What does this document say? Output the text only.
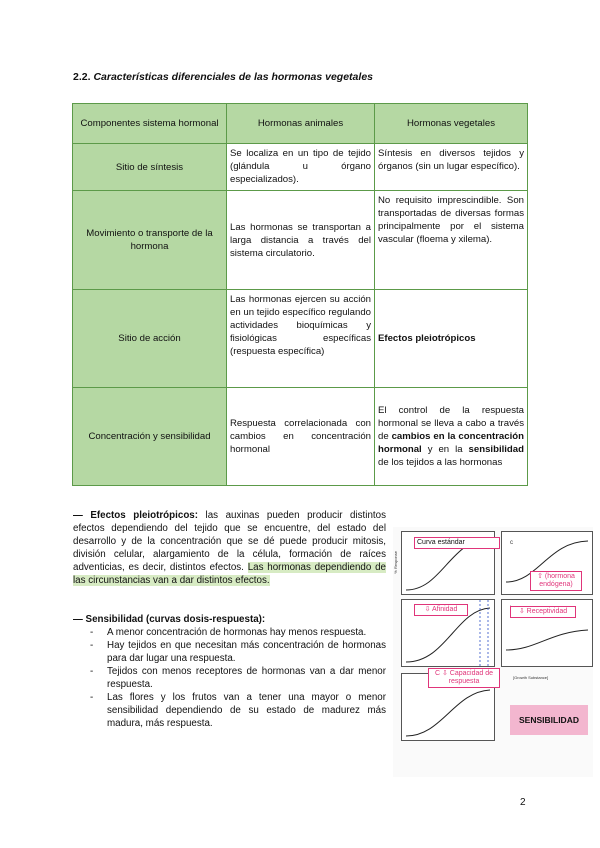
2.2. Características diferenciales de las hormonas vegetales
Componentes sistema hormonal	Hormonas animales	Hormonas vegetales
Sitio de síntesis	Se localiza en un tipo de tejido (glándula u órgano especializados).	Síntesis en diversos tejidos y órganos (sin un lugar específico).
Movimiento o transporte de la hormona	Las hormonas se transportan a larga distancia a través del sistema circulatorio.	No requisito imprescindible. Son transportadas de diversas formas principalmente por el sistema vascular (floema y xilema).
Sitio de acción	Las hormonas ejercen su acción en un tejido específico regulando actividades bioquímicas y fisiológicas específicas (respuesta específica)	Efectos pleiotrópicos
Concentración y sensibilidad	Respuesta correlacionada con cambios en concentración hormonal	El control de la respuesta hormonal se lleva a cabo a través de cambios en la concentración hormonal y en la sensibilidad de los tejidos a las hormonas
— Efectos pleiotrópicos: las auxinas pueden producir distintos efectos dependiendo del tejido que se encuentre, del estado del desarrollo y de la concentración que se dé puede producir mitosis, división celular, alargamiento de la célula, formación de raíces adventicias, es decir, distintos efectos. Las hormonas dependiendo de las circunstancias van a dar distintos efectos.
— Sensibilidad (curvas dosis-respuesta):
- A menor concentración de hormonas hay menos respuesta.
- Hay tejidos en que necesitan más concentración de hormonas para dar lugar una respuesta.
- Tejidos con menos receptores de hormonas van a dar menor respuesta.
- Las flores y los frutos van a tener una mayor o menor sensibilidad dependiendo de su estado de madurez más madura, más respuesta.
c
% Response
[Growth Substance]
Curva estándar
⇧ (hormona endógena)
⇩ Afinidad	⇩ Receptividad
C ⇩ Capacidad de respuesta
SENSIBILIDAD
2
